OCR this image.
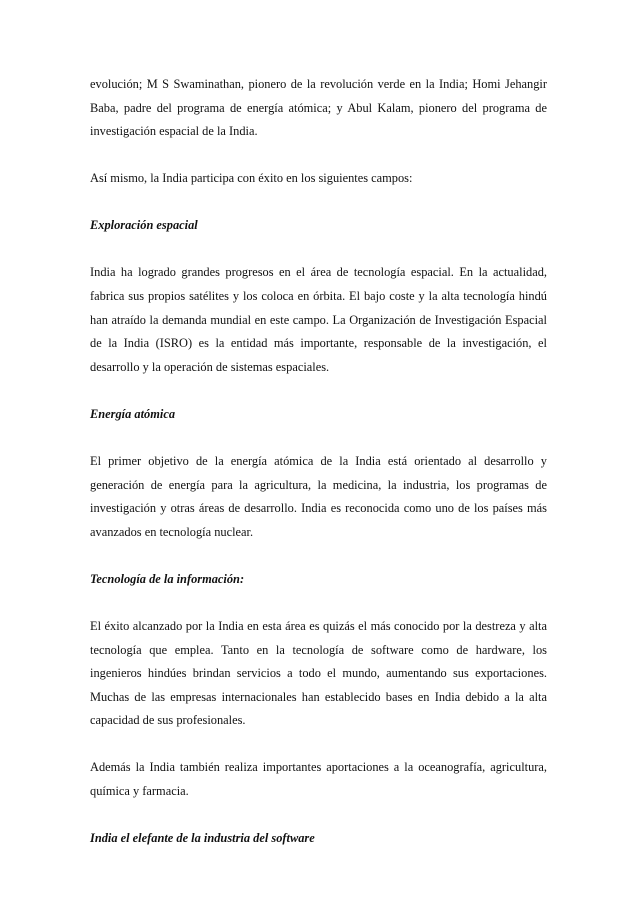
evolución; M S Swaminathan, pionero de la revolución verde en la India; Homi Jehangir Baba, padre del programa de energía atómica; y Abul Kalam, pionero del programa de investigación espacial de la India.

Así mismo, la India participa con éxito en los siguientes campos:

Exploración espacial

India ha logrado grandes progresos en el área de tecnología espacial. En la actualidad, fabrica sus propios satélites y los coloca en órbita. El bajo coste y la alta tecnología hindú han atraído la demanda mundial en este campo. La Organización de Investigación Espacial de la India (ISRO) es la entidad más importante, responsable de la investigación, el desarrollo y la operación de sistemas espaciales.

Energía atómica

El primer objetivo de la energía atómica de la India está orientado al desarrollo y generación de energía para la agricultura, la medicina, la industria, los programas de investigación y otras áreas de desarrollo. India es reconocida como uno de los países más avanzados en tecnología nuclear.

Tecnología de la información:

El éxito alcanzado por la India en esta área es quizás el más conocido por la destreza y alta tecnología que emplea. Tanto en la tecnología de software como de hardware, los ingenieros hindúes brindan servicios a todo el mundo, aumentando sus exportaciones. Muchas de las empresas internacionales han establecido bases en India debido a la alta capacidad de sus profesionales.

Además la India también realiza importantes aportaciones a la oceanografía, agricultura, química y farmacia.

India el elefante de la industria del software
